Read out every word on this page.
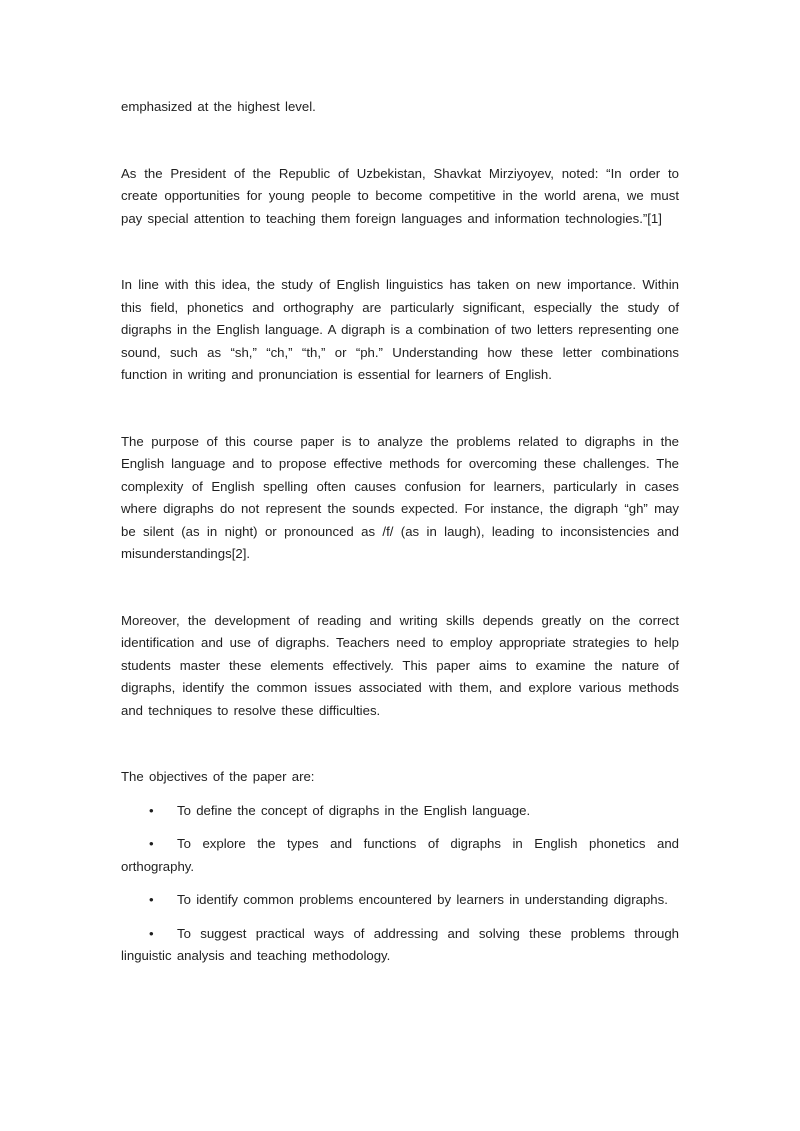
emphasized at the highest level.

As the President of the Republic of Uzbekistan, Shavkat Mirziyoyev, noted: “In order to create opportunities for young people to become competitive in the world arena, we must pay special attention to teaching them foreign languages and information technologies.”[1]

In line with this idea, the study of English linguistics has taken on new importance. Within this field, phonetics and orthography are particularly significant, especially the study of digraphs in the English language. A digraph is a combination of two letters representing one sound, such as “sh,” “ch,” “th,” or “ph.” Understanding how these letter combinations function in writing and pronunciation is essential for learners of English.

The purpose of this course paper is to analyze the problems related to digraphs in the English language and to propose effective methods for overcoming these challenges. The complexity of English spelling often causes confusion for learners, particularly in cases where digraphs do not represent the sounds expected. For instance, the digraph “gh” may be silent (as in night) or pronounced as /f/ (as in laugh), leading to inconsistencies and misunderstandings[2].

Moreover, the development of reading and writing skills depends greatly on the correct identification and use of digraphs. Teachers need to employ appropriate strategies to help students master these elements effectively. This paper aims to examine the nature of digraphs, identify the common issues associated with them, and explore various methods and techniques to resolve these difficulties.

The objectives of the paper are:

• To define the concept of digraphs in the English language.

• To explore the types and functions of digraphs in English phonetics and orthography.

• To identify common problems encountered by learners in understanding digraphs.

• To suggest practical ways of addressing and solving these problems through linguistic analysis and teaching methodology.
